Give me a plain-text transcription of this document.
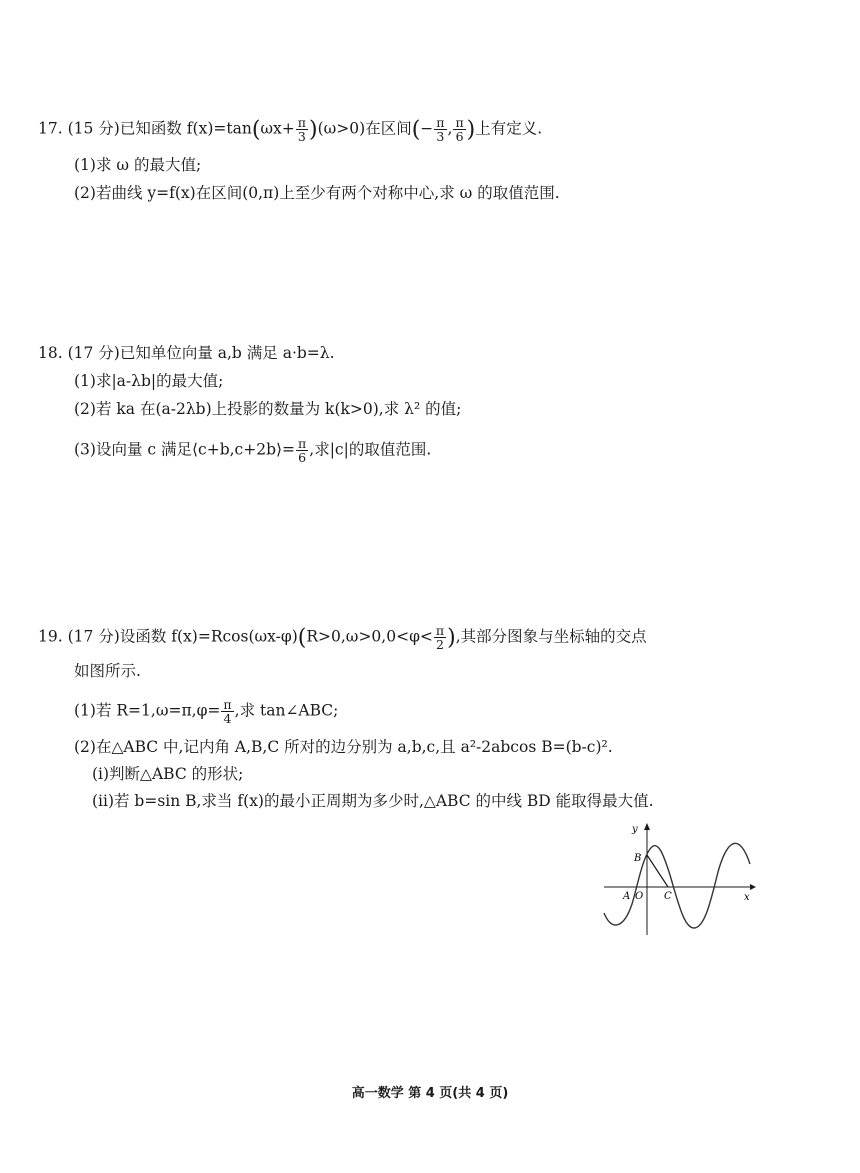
17. (15 分)已知函数 $f(x)=\tan(\omega x+ \frac{\pi}{3} )(\omega>0)$在区间(− $\frac{\pi}{3}$ , $\frac{\pi}{6}$ )上有定义.
(1)求 ω 的最大值;
(2)若曲线 y=f(x)在区间(0,π)上至少有两个对称中心,求 ω 的取值范围.
18. (17 分)已知单位向量 a,b 满足 a·b=λ.
(1)求|a-λb|的最大值;
(2)若 ka 在(a-2λb)上投影的数量为 k(k>0),求 λ² 的值;
(3)设向量 c 满足⟨c+b,c+2b⟩= $\frac{\pi}{6}$ ,求|c|的取值范围.
19. (17 分)设函数 $f(x)=Rcos(\omega x-\varphi)(R>0,\omega>0,0<\varphi< \frac{\pi}{2}$ ),其部分图象与坐标轴的交点
如图所示.
(1)若 $R=1,\omega=\pi,\varphi= \frac{\pi}{4}$ ,求 tan∠ABC;
(2)在△ABC 中,记内角 A,B,C 所对的边分别为 a,b,c,且 a²-2abcos B=(b-c)².
(ⅰ)判断△ABC 的形状;
(ⅱ)若 b=sin B,求当 f(x)的最小正周期为多少时,△ABC 的中线 BD 能取得最大值.
y
x
B
A O C
高一数学 第 4 页(共 4 页)
